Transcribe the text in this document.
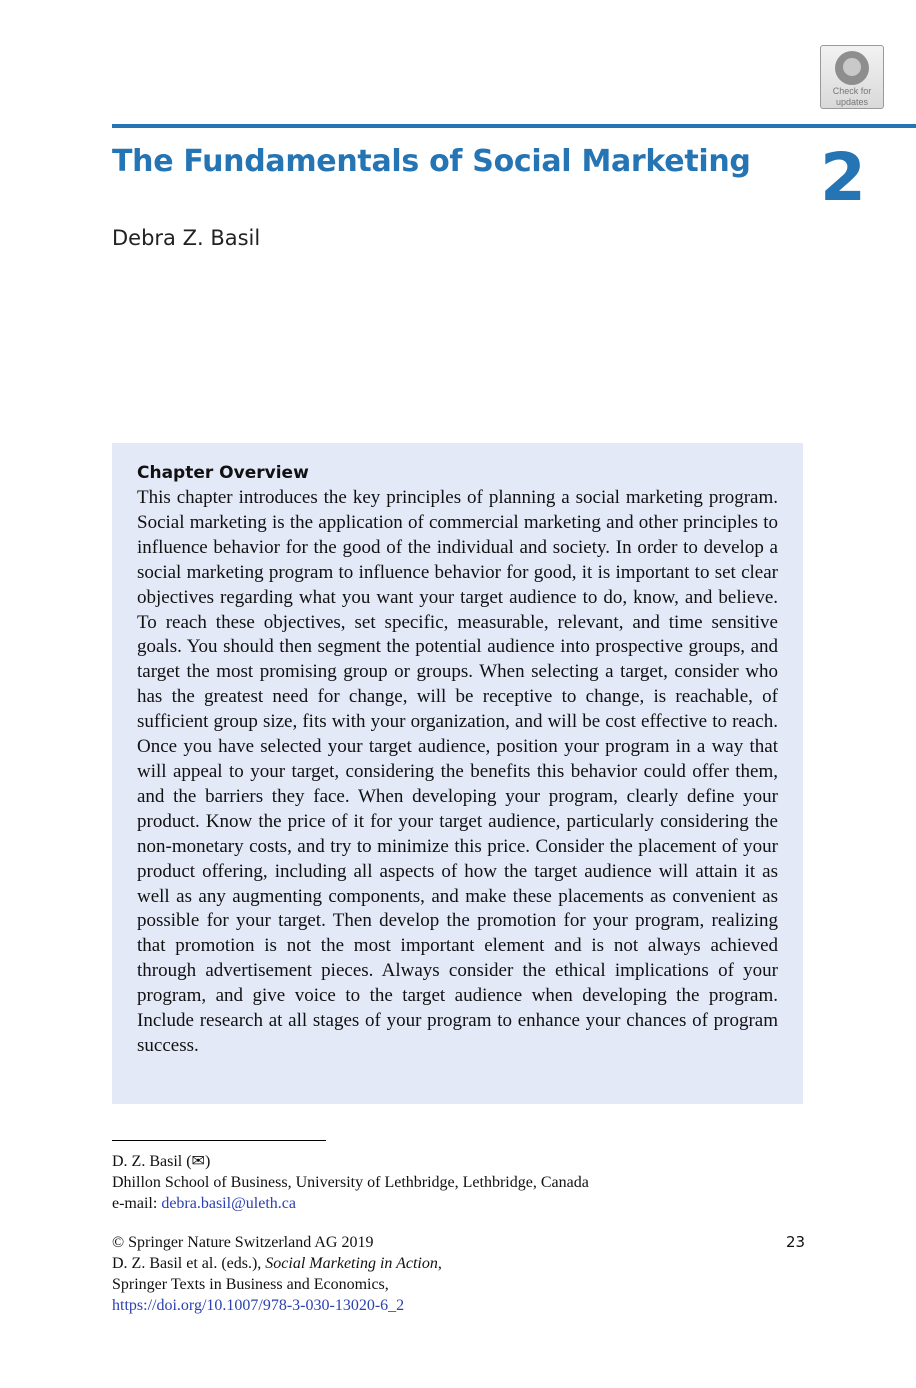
Check for
updates
The Fundamentals of Social Marketing 2
Debra Z. Basil
Chapter Overview

This chapter introduces the key principles of planning a social marketing program. Social marketing is the application of commercial marketing and other principles to influence behavior for the good of the individual and society. In order to develop a social marketing program to influence behavior for good, it is important to set clear objectives regarding what you want your target audience to do, know, and believe. To reach these objectives, set specific, measurable, relevant, and time sensitive goals. You should then segment the potential audience into prospective groups, and target the most promising group or groups. When selecting a target, consider who has the greatest need for change, will be receptive to change, is reachable, of sufficient group size, fits with your organization, and will be cost effective to reach. Once you have selected your target audience, position your program in a way that will appeal to your target, considering the benefits this behavior could offer them, and the barriers they face. When developing your program, clearly define your product. Know the price of it for your target audience, particularly considering the non-monetary costs, and try to minimize this price. Consider the placement of your product offering, including all aspects of how the target audience will attain it as well as any augmenting components, and make these placements as convenient as possible for your target. Then develop the promotion for your program, realizing that promotion is not the most important element and is not always achieved through advertisement pieces. Always consider the ethical implications of your program, and give voice to the target audience when developing the program. Include research at all stages of your program to enhance your chances of program success.

D. Z. Basil (✉)

Dhillon School of Business, University of Lethbridge, Lethbridge, Canada

e-mail: debra.basil@uleth.ca

© Springer Nature Switzerland AG 2019

D. Z. Basil et al. (eds.), Social Marketing in Action,

Springer Texts in Business and Economics,

https://doi.org/10.1007/978-3-030-13020-6_2

23
